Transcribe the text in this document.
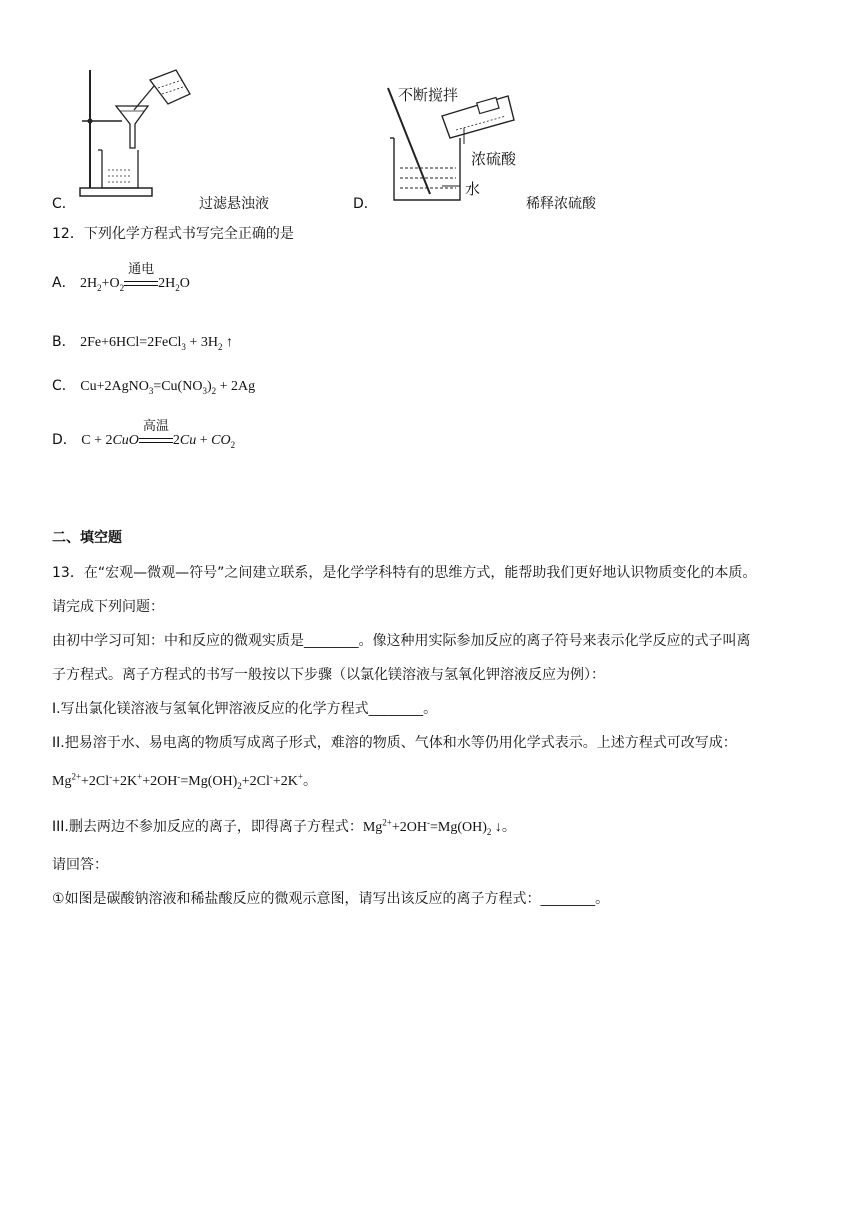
C．	过滤悬浊液
不断搅拌
浓硫酸
水
D．	稀释浓硫酸
12．下列化学方程式书写完全正确的是
A． $2H_2+O_2$
通电
$2H_2O$
B． 2Fe+6HCl=2FeCl$_3$ + $3H_2$ ↑
C． $Cu+2AgNO_3=Cu(NO_3)_2 + 2Ag$
D． C + 2CuO
高温
$2Cu + CO_2$
二、填空题
13．在“宏观—微观—符号”之间建立联系，是化学学科特有的思维方式，能帮助我们更好地认识物质变化的本质。
请完成下列问题：
由初中学习可知：中和反应的微观实质是_______。像这种用实际参加反应的离子符号来表示化学反应的式子叫离
子方程式。离子方程式的书写一般按以下步骤（以氯化镁溶液与氢氧化钾溶液反应为例）：
I.写出氯化镁溶液与氢氧化钾溶液反应的化学方程式_______。
II.把易溶于水、易电离的物质写成离子形式，难溶的物质、气体和水等仍用化学式表示。上述方程式可改写成：
$Mg^{2+}+2Cl^-+2K^++2OH^-=Mg(OH)_2+2Cl^-+2K^+$。
III.删去两边不参加反应的离子，即得离子方程式：$Mg^{2+}+2OH^-=Mg(OH)_2$ ↓。
请回答：
①如图是碳酸钠溶液和稀盐酸反应的微观示意图，请写出该反应的离子方程式：_______。
